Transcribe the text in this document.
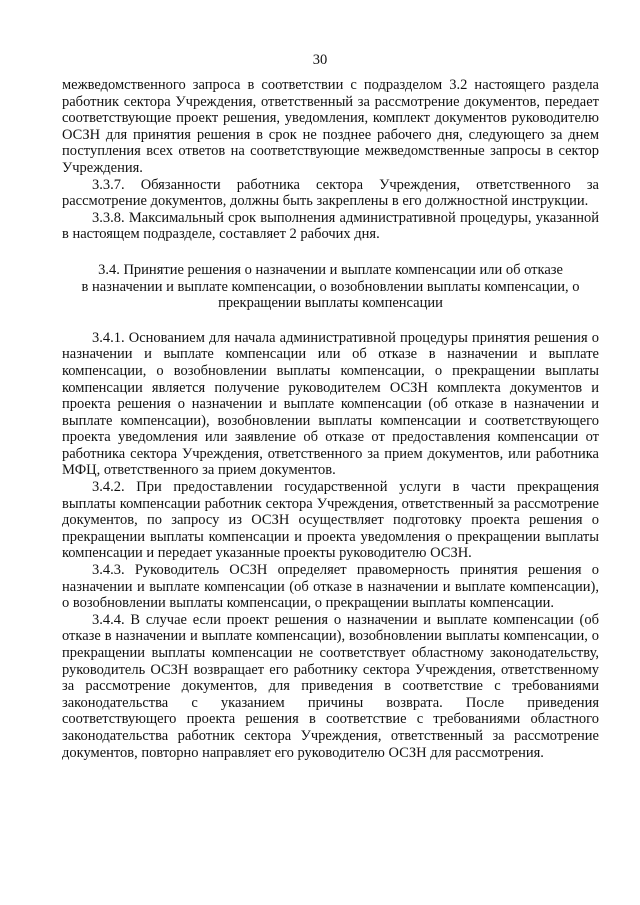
30

межведомственного запроса в соответствии с подразделом 3.2 настоящего раздела работник сектора Учреждения, ответственный за рассмотрение документов, передает соответствующие проект решения, уведомления, комплект документов руководителю ОСЗН для принятия решения в срок не позднее рабочего дня, следующего за днем поступления всех ответов на соответствующие межведомственные запросы в сектор Учреждения.

3.3.7. Обязанности работника сектора Учреждения, ответственного за рассмотрение документов, должны быть закреплены в его должностной инструкции.

3.3.8. Максимальный срок выполнения административной процедуры, указанной в настоящем подразделе, составляет 2 рабочих дня.

3.4. Принятие решения о назначении и выплате компенсации или об отказе
в назначении и выплате компенсации, о возобновлении выплаты компенсации, о
прекращении выплаты компенсации

3.4.1. Основанием для начала административной процедуры принятия решения о назначении и выплате компенсации или об отказе в назначении и выплате компенсации, о возобновлении выплаты компенсации, о прекращении выплаты компенсации является получение руководителем ОСЗН комплекта документов и проекта решения о назначении и выплате компенсации (об отказе в назначении и выплате компенсации), возобновлении выплаты компенсации и соответствующего проекта уведомления или заявление об отказе от предоставления компенсации от работника сектора Учреждения, ответственного за прием документов, или работника МФЦ, ответственного за прием документов.

3.4.2. При предоставлении государственной услуги в части прекращения выплаты компенсации работник сектора Учреждения, ответственный за рассмотрение документов, по запросу из ОСЗН осуществляет подготовку проекта решения о прекращении выплаты компенсации и проекта уведомления о прекращении выплаты компенсации и передает указанные проекты руководителю ОСЗН.

3.4.3. Руководитель ОСЗН определяет правомерность принятия решения о назначении и выплате компенсации (об отказе в назначении и выплате компенсации), о возобновлении выплаты компенсации, о прекращении выплаты компенсации.

3.4.4. В случае если проект решения о назначении и выплате компенсации (об отказе в назначении и выплате компенсации), возобновлении выплаты компенсации, о прекращении выплаты компенсации не соответствует областному законодательству, руководитель ОСЗН возвращает его работнику сектора Учреждения, ответственному за рассмотрение документов, для приведения в соответствие с требованиями законодательства с указанием причины возврата. После приведения соответствующего проекта решения в соответствие с требованиями областного законодательства работник сектора Учреждения, ответственный за рассмотрение документов, повторно направляет его руководителю ОСЗН для рассмотрения.
